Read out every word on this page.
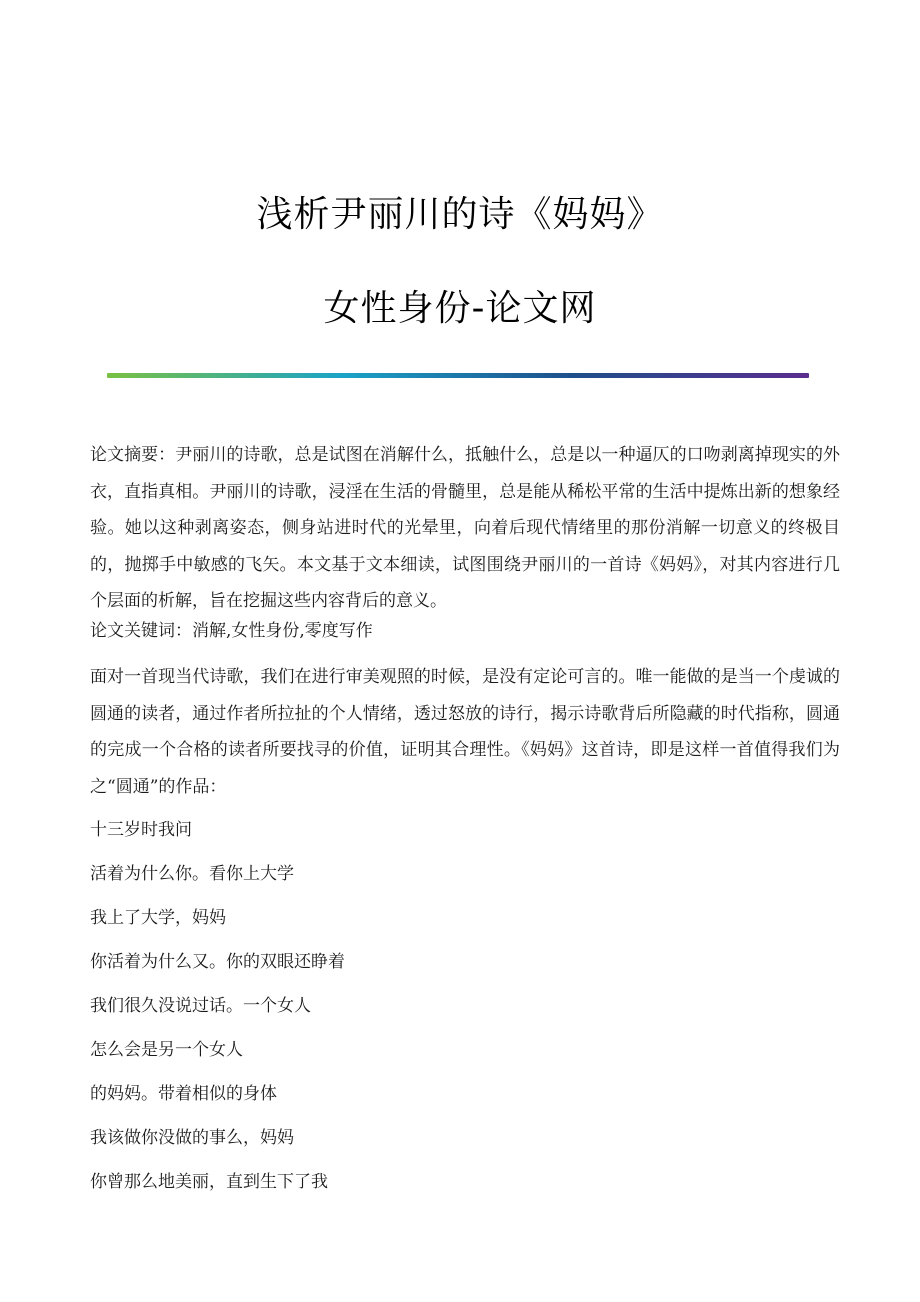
浅析尹丽川的诗《妈妈》
女性身份-论文网

论文摘要：尹丽川的诗歌，总是试图在消解什么，抵触什么，总是以一种逼仄的口吻剥离掉现实的外衣，直指真相。尹丽川的诗歌，浸淫在生活的骨髓里，总是能从稀松平常的生活中提炼出新的想象经验。她以这种剥离姿态，侧身站进时代的光晕里，向着后现代情绪里的那份消解一切意义的终极目的，抛掷手中敏感的飞矢。本文基于文本细读，试图围绕尹丽川的一首诗《妈妈》，对其内容进行几个层面的析解，旨在挖掘这些内容背后的意义。

论文关键词：消解,女性身份,零度写作

面对一首现当代诗歌，我们在进行审美观照的时候，是没有定论可言的。唯一能做的是当一个虔诚的圆通的读者，通过作者所拉扯的个人情绪，透过怒放的诗行，揭示诗歌背后所隐藏的时代指称，圆通的完成一个合格的读者所要找寻的价值，证明其合理性。《妈妈》这首诗，即是这样一首值得我们为之“圆通”的作品：

十三岁时我问
活着为什么你。看你上大学
我上了大学，妈妈
你活着为什么又。你的双眼还睁着
我们很久没说过话。一个女人
怎么会是另一个女人
的妈妈。带着相似的身体
我该做你没做的事么，妈妈
你曾那么地美丽，直到生下了我
